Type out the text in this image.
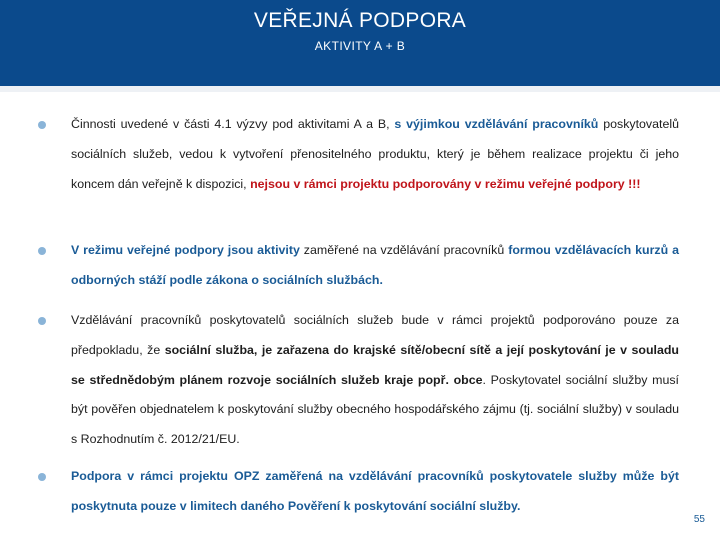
VEŘEJNÁ PODPORA
AKTIVITY A + B
Činnosti uvedené v části 4.1 výzvy pod aktivitami A a B, s výjimkou vzdělávání pracovníků poskytovatelů sociálních služeb, vedou k vytvoření přenositelného produktu, který je během realizace projektu či jeho koncem dán veřejně k dispozici, nejsou v rámci projektu podporovány v režimu veřejné podpory !!!
V režimu veřejné podpory jsou aktivity zaměřené na vzdělávání pracovníků formou vzdělávacích kurzů a odborných stáží podle zákona o sociálních službách.
Vzdělávání pracovníků poskytovatelů sociálních služeb bude v rámci projektů podporováno pouze za předpokladu, že sociální služba, je zařazena do krajské sítě/obecní sítě a její poskytování je v souladu se střednědobým plánem rozvoje sociálních služeb kraje popř. obce. Poskytovatel sociální služby musí být pověřen objednatelem k poskytování služby obecného hospodářského zájmu (tj. sociální služby) v souladu s Rozhodnutím č. 2012/21/EU.
Podpora v rámci projektu OPZ zaměřená na vzdělávání pracovníků poskytovatele služby může být poskytnuta pouze v limitech daného Pověření k poskytování sociální služby.
55
